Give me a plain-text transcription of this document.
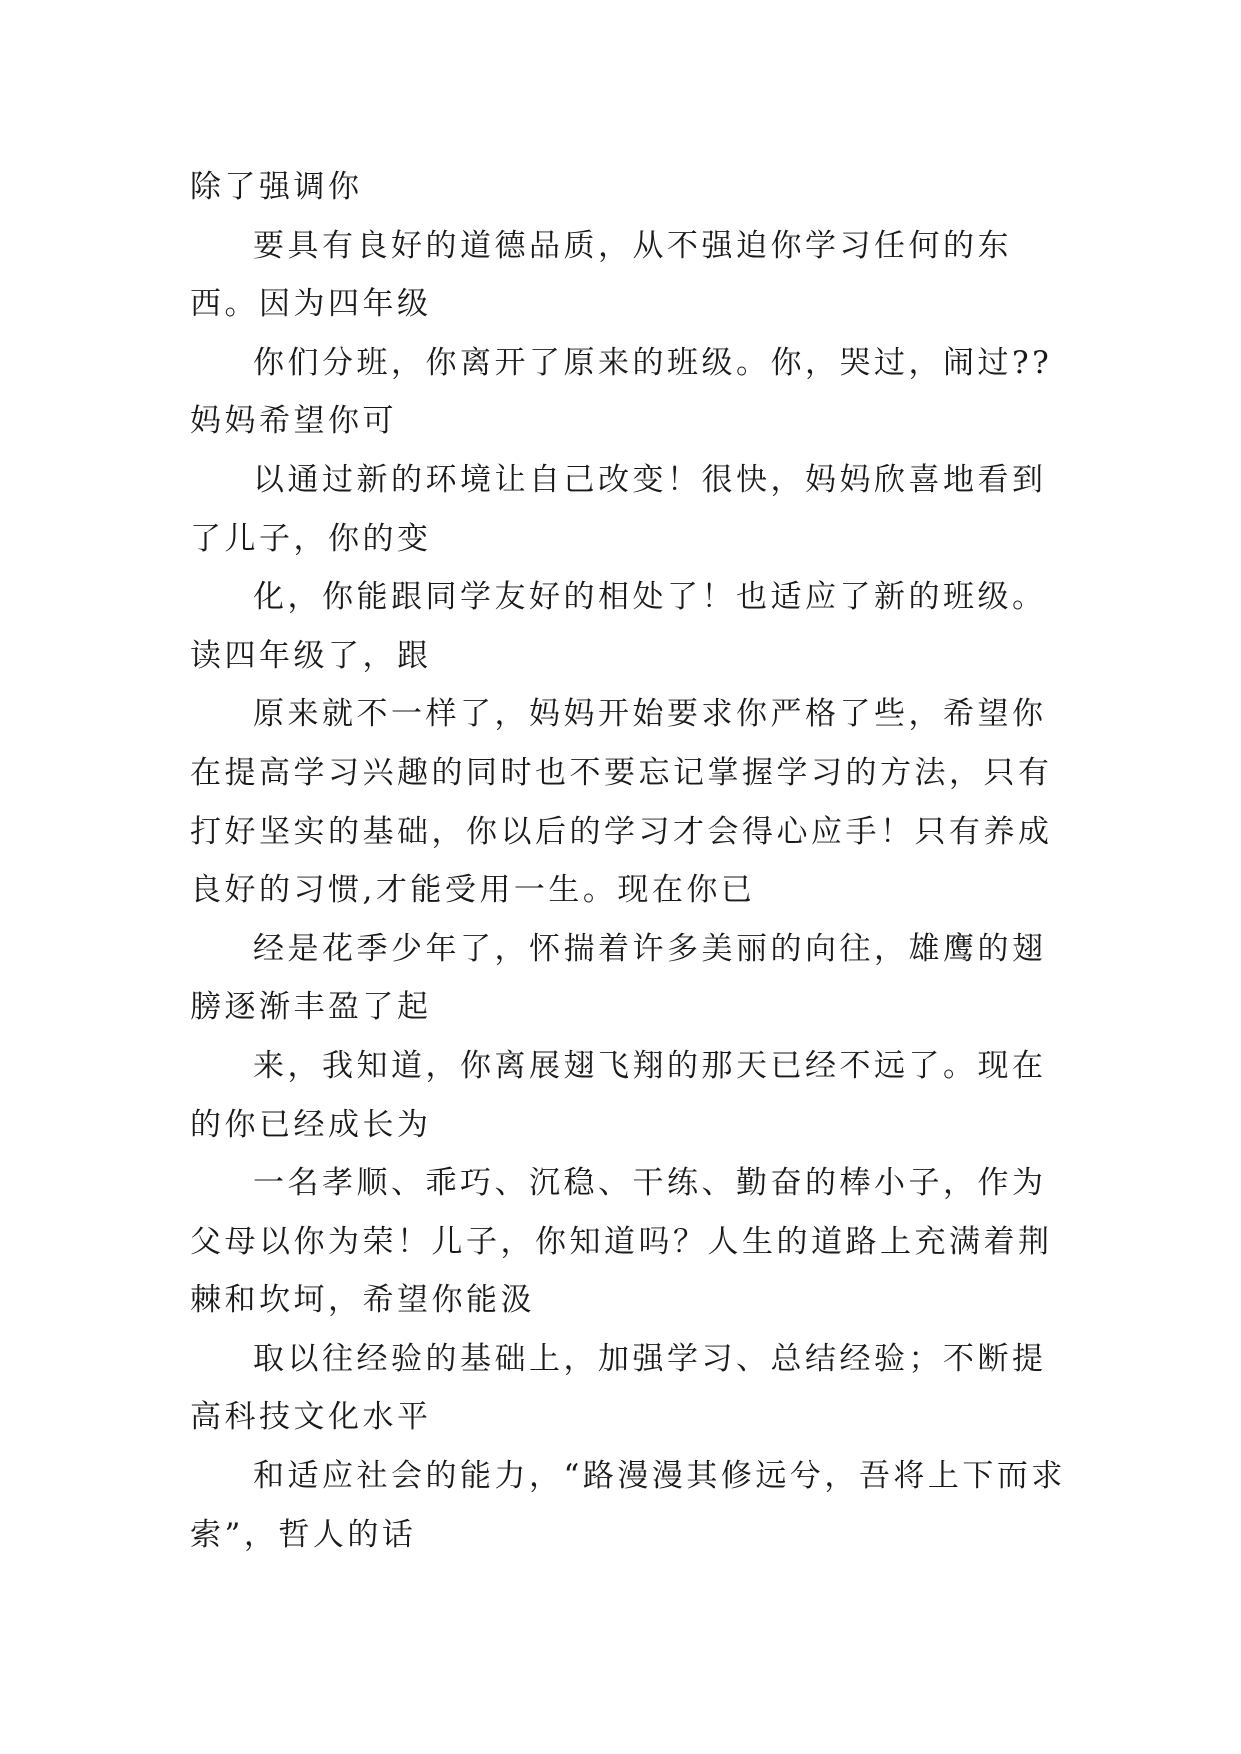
除了强调你

要具有良好的道德品质，从不强迫你学习任何的东西。因为四年级

你们分班，你离开了原来的班级。你，哭过，闹过??妈妈希望你可

以通过新的环境让自己改变！很快，妈妈欣喜地看到了儿子，你的变

化，你能跟同学友好的相处了！也适应了新的班级。读四年级了，跟

原来就不一样了，妈妈开始要求你严格了些，希望你在提高学习兴趣的同时也不要忘记掌握学习的方法，只有打好坚实的基础，你以后的学习才会得心应手！只有养成良好的习惯,才能受用一生。现在你已

经是花季少年了，怀揣着许多美丽的向往，雄鹰的翅膀逐渐丰盈了起

来，我知道，你离展翅飞翔的那天已经不远了。现在的你已经成长为

一名孝顺、乖巧、沉稳、干练、勤奋的棒小子，作为父母以你为荣！儿子，你知道吗？人生的道路上充满着荆棘和坎坷，希望你能汲

取以往经验的基础上，加强学习、总结经验；不断提高科技文化水平

和适应社会的能力，“路漫漫其修远兮，吾将上下而求索”，哲人的话
